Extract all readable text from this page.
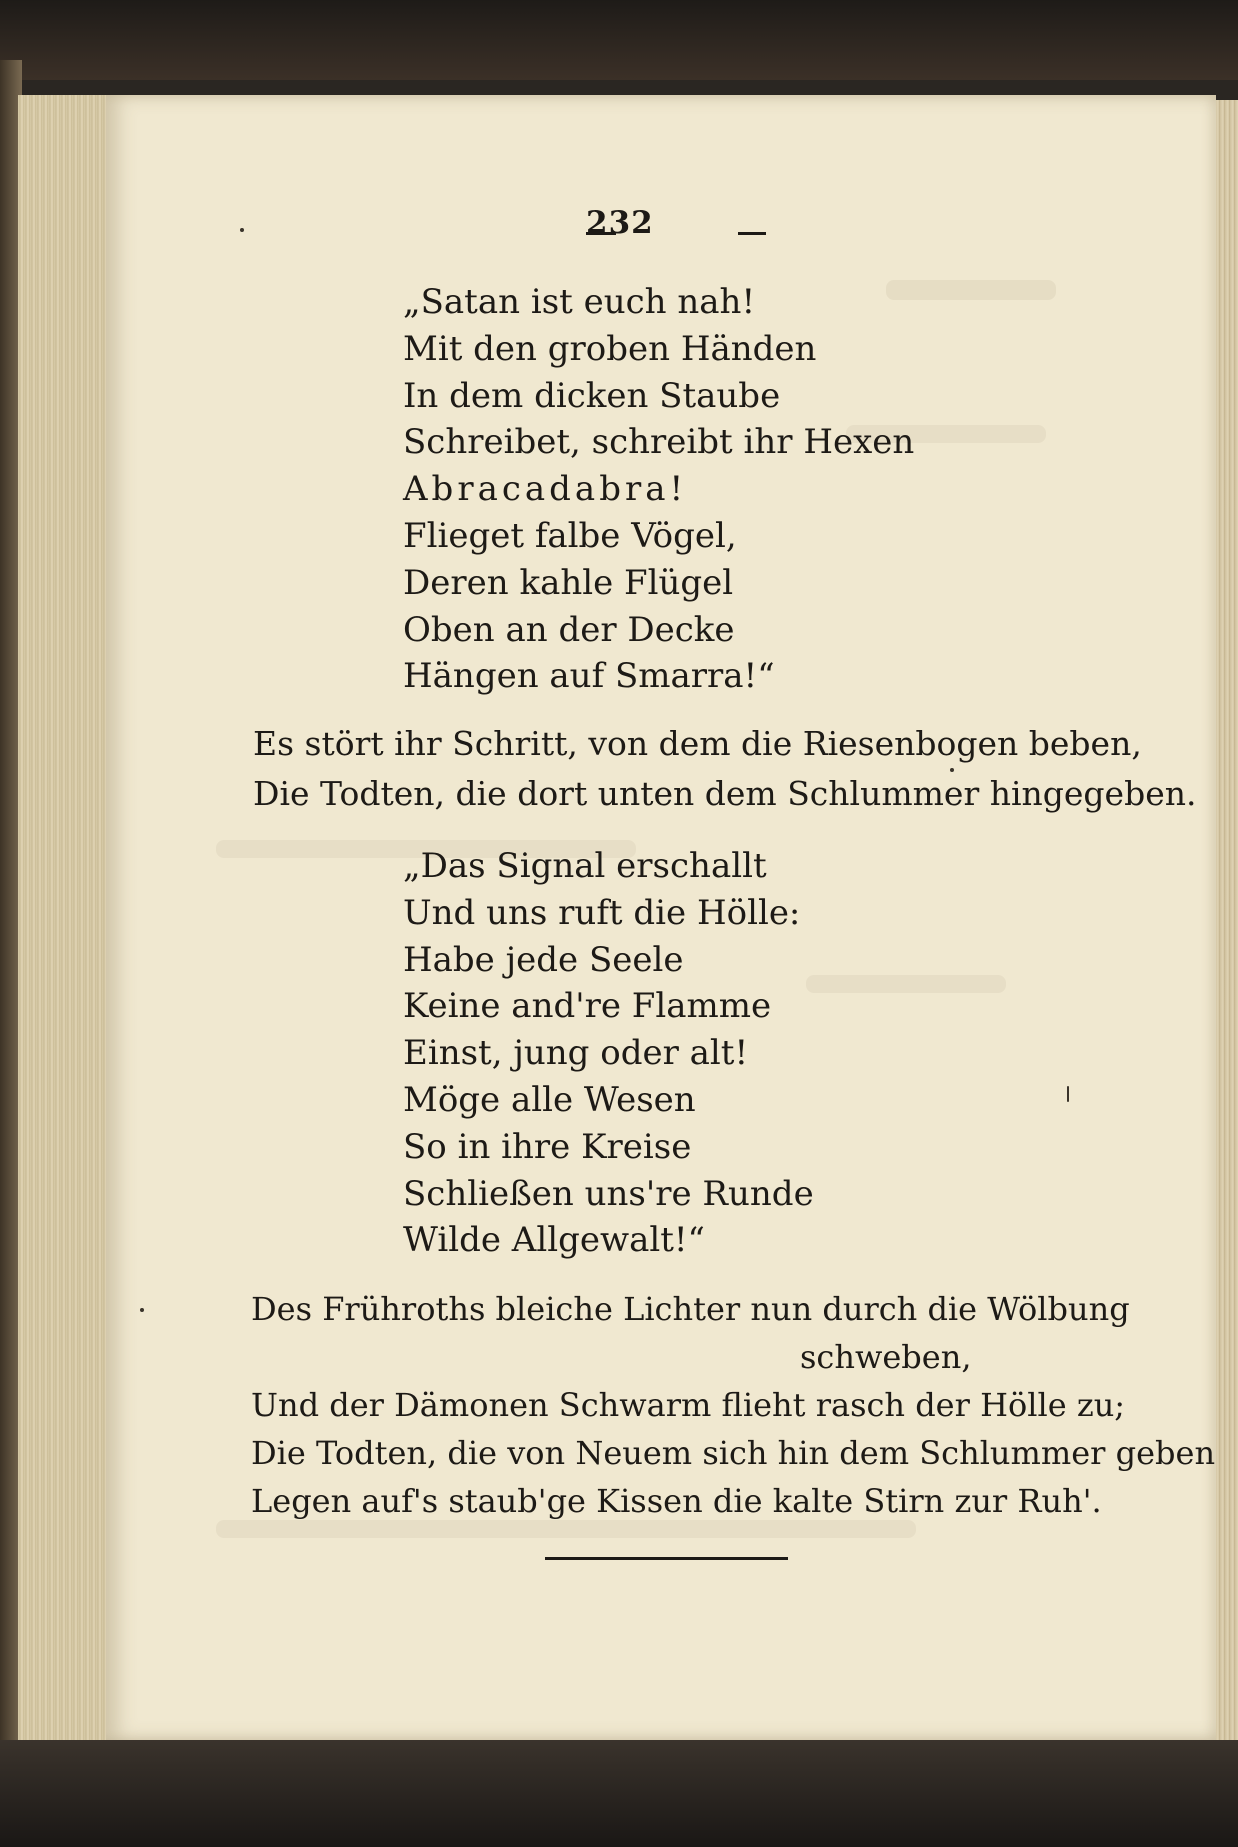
232
„Satan ist euch nah!
Mit den groben Händen
In dem dicken Staube
Schreibet, schreibt ihr Hexen
Abracadabra!
Flieget falbe Vögel,
Deren kahle Flügel
Oben an der Decke
Hängen auf Smarra!“
Es stört ihr Schritt, von dem die Riesenbogen beben,
Die Todten, die dort unten dem Schlummer hingegeben.
„Das Signal erschallt
Und uns ruft die Hölle:
Habe jede Seele
Keine and're Flamme
Einst, jung oder alt!
Möge alle Wesen
So in ihre Kreise
Schließen uns're Runde
Wilde Allgewalt!“
Des Frühroths bleiche Lichter nun durch die Wölbung
schweben,
Und der Dämonen Schwarm flieht rasch der Hölle zu;
Die Todten, die von Neuem sich hin dem Schlummer geben
Legen auf's staub'ge Kissen die kalte Stirn zur Ruh'.
